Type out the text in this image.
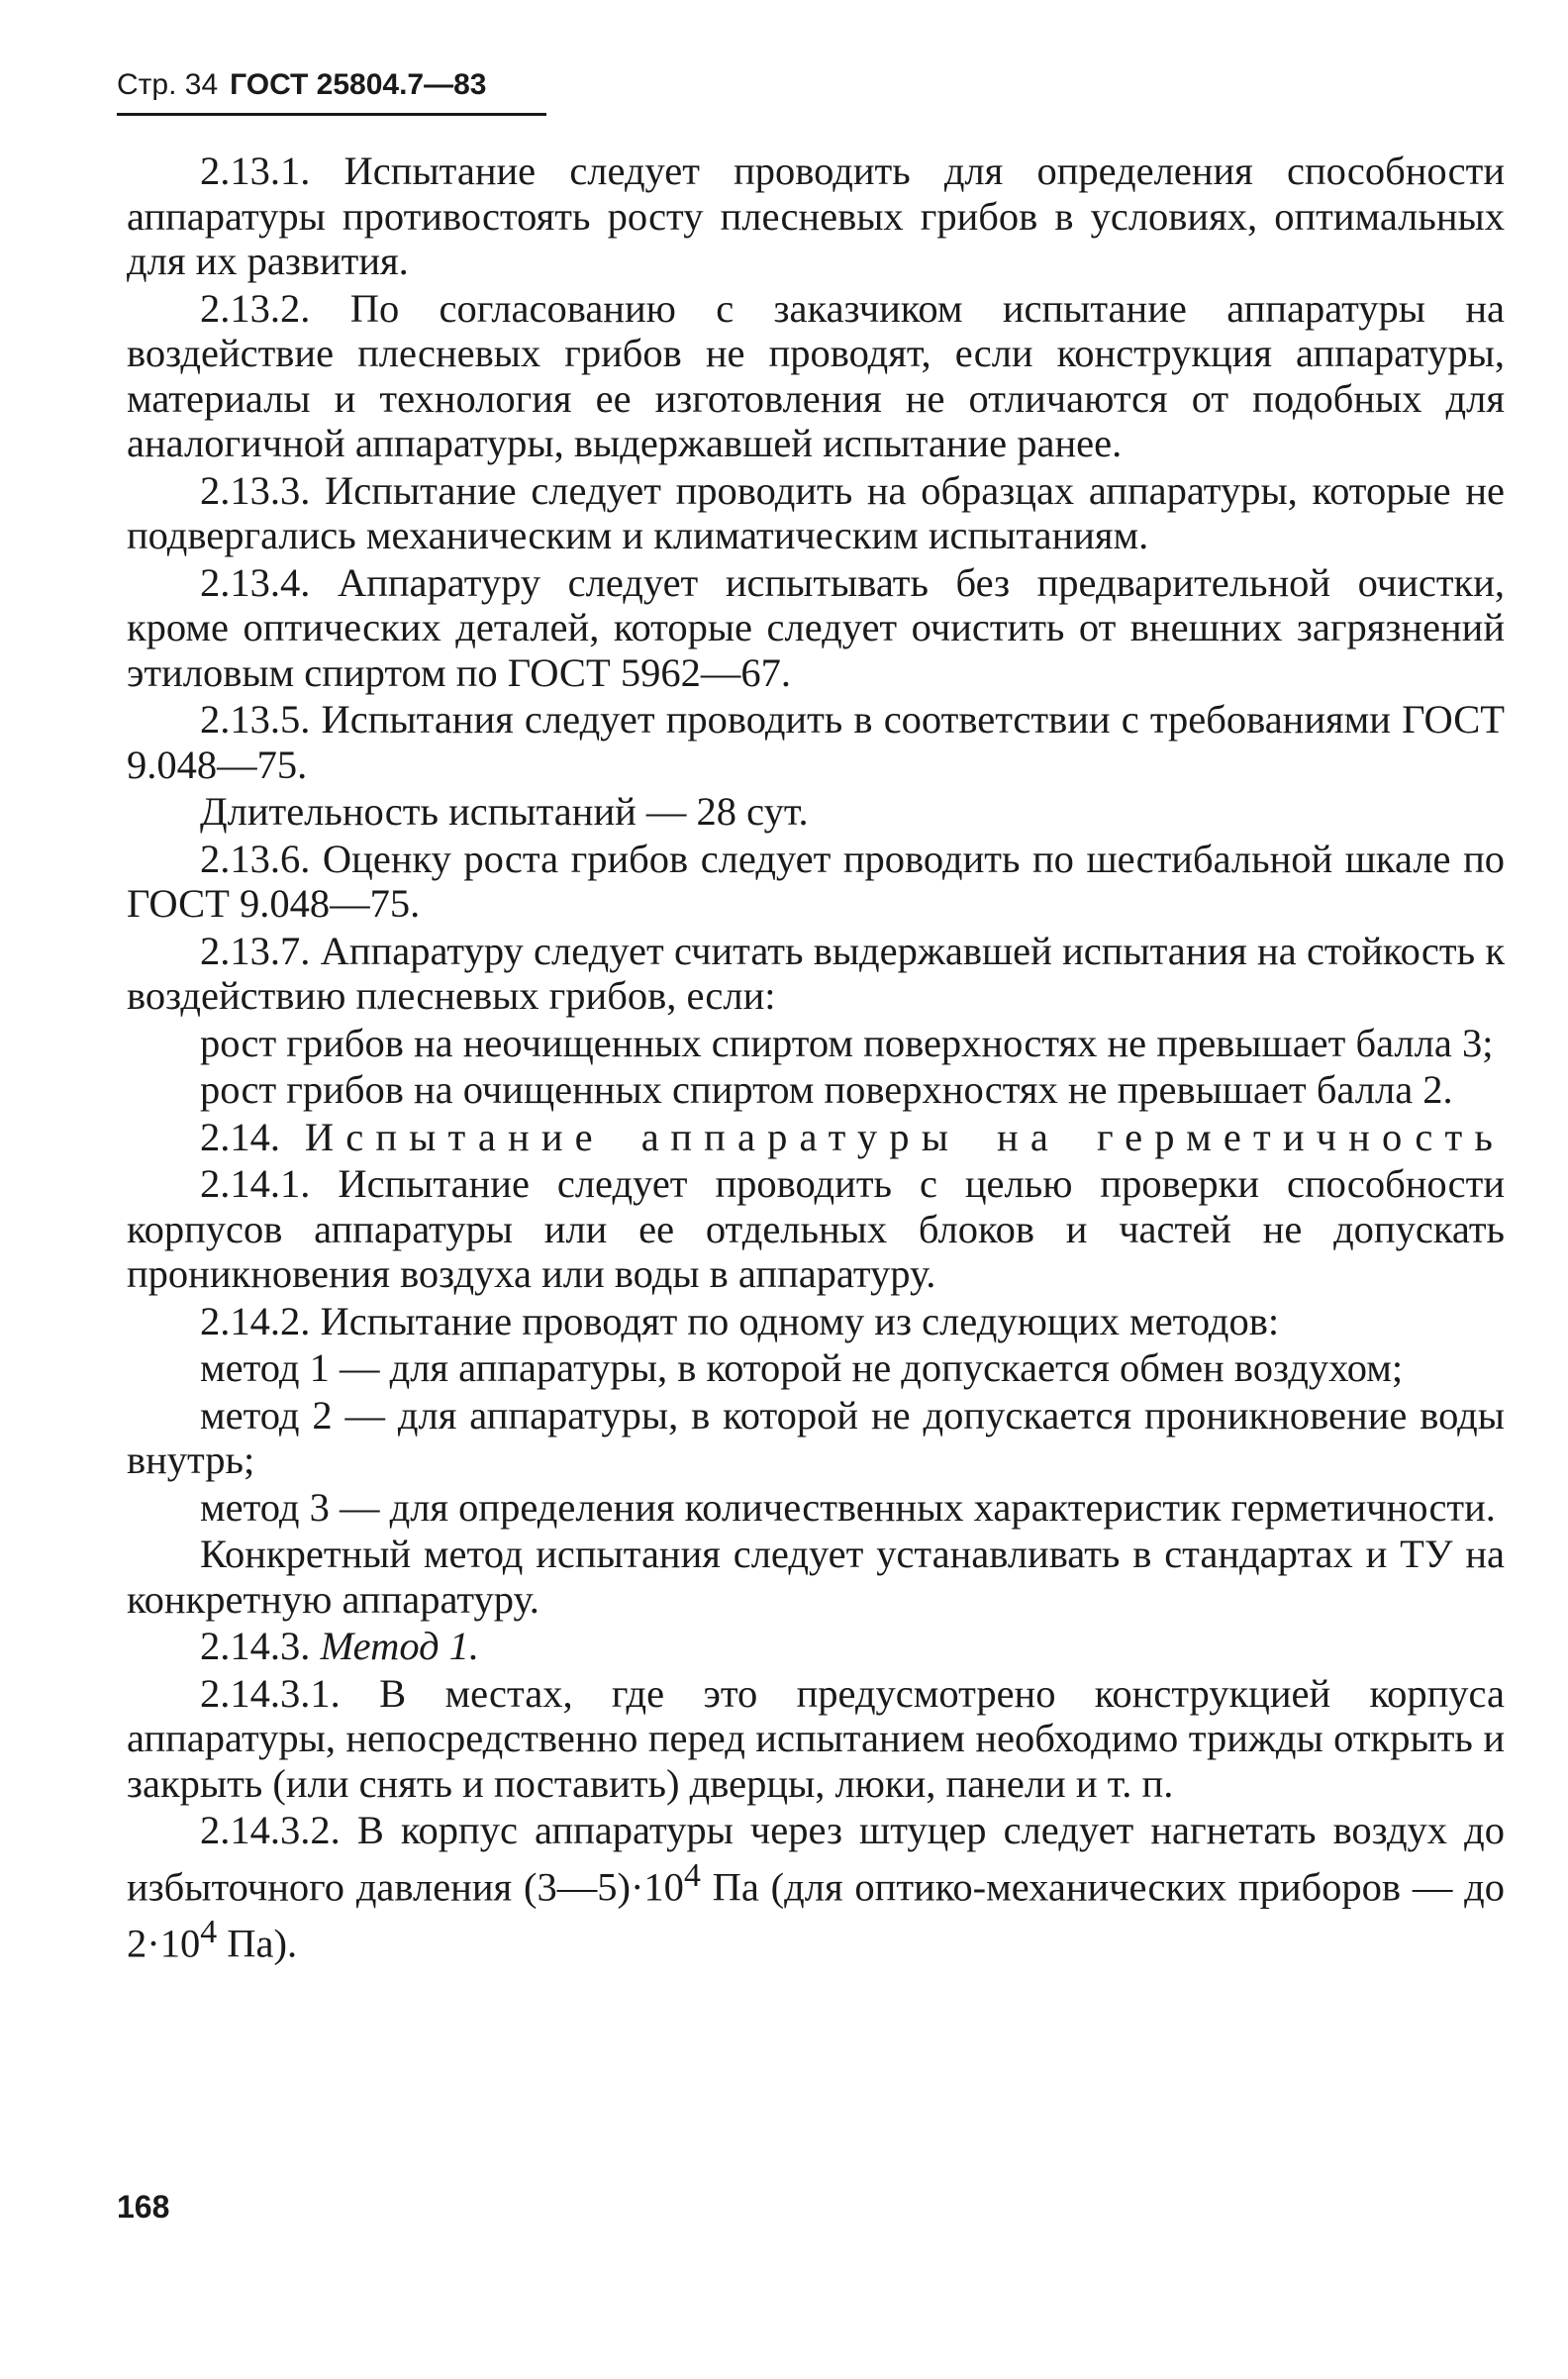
Стр. 34 ГОСТ 25804.7—83

2.13.1. Испытание следует проводить для определения способности аппаратуры противостоять росту плесневых грибов в условиях, оптимальных для их развития.

2.13.2. По согласованию с заказчиком испытание аппаратуры на воздействие плесневых грибов не проводят, если конструкция аппаратуры, материалы и технология ее изготовления не отличаются от подобных для аналогичной аппаратуры, выдержавшей испытание ранее.

2.13.3. Испытание следует проводить на образцах аппаратуры, которые не подвергались механическим и климатическим испытаниям.

2.13.4. Аппаратуру следует испытывать без предварительной очистки, кроме оптических деталей, которые следует очистить от внешних загрязнений этиловым спиртом по ГОСТ 5962—67.

2.13.5. Испытания следует проводить в соответствии с требованиями ГОСТ 9.048—75.

Длительность испытаний — 28 сут.

2.13.6. Оценку роста грибов следует проводить по шестибальной шкале по ГОСТ 9.048—75.

2.13.7. Аппаратуру следует считать выдержавшей испытания на стойкость к воздействию плесневых грибов, если:

рост грибов на неочищенных спиртом поверхностях не превышает балла 3;

рост грибов на очищенных спиртом поверхностях не превышает балла 2.

2.14. Испытание аппаратуры на герметичность

2.14.1. Испытание следует проводить с целью проверки способности корпусов аппаратуры или ее отдельных блоков и частей не допускать проникновения воздуха или воды в аппаратуру.

2.14.2. Испытание проводят по одному из следующих методов:

метод 1 — для аппаратуры, в которой не допускается обмен воздухом;

метод 2 — для аппаратуры, в которой не допускается проникновение воды внутрь;

метод 3 — для определения количественных характеристик герметичности.

Конкретный метод испытания следует устанавливать в стандартах и ТУ на конкретную аппаратуру.

2.14.3. Метод 1.

2.14.3.1. В местах, где это предусмотрено конструкцией корпуса аппаратуры, непосредственно перед испытанием необходимо трижды открыть и закрыть (или снять и поставить) дверцы, люки, панели и т. п.

2.14.3.2. В корпус аппаратуры через штуцер следует нагнетать воздух до избыточного давления $(3—5)\cdot 10^4$ Па (для оптико-механических приборов — до $2\cdot 10^4$ Па).

168
